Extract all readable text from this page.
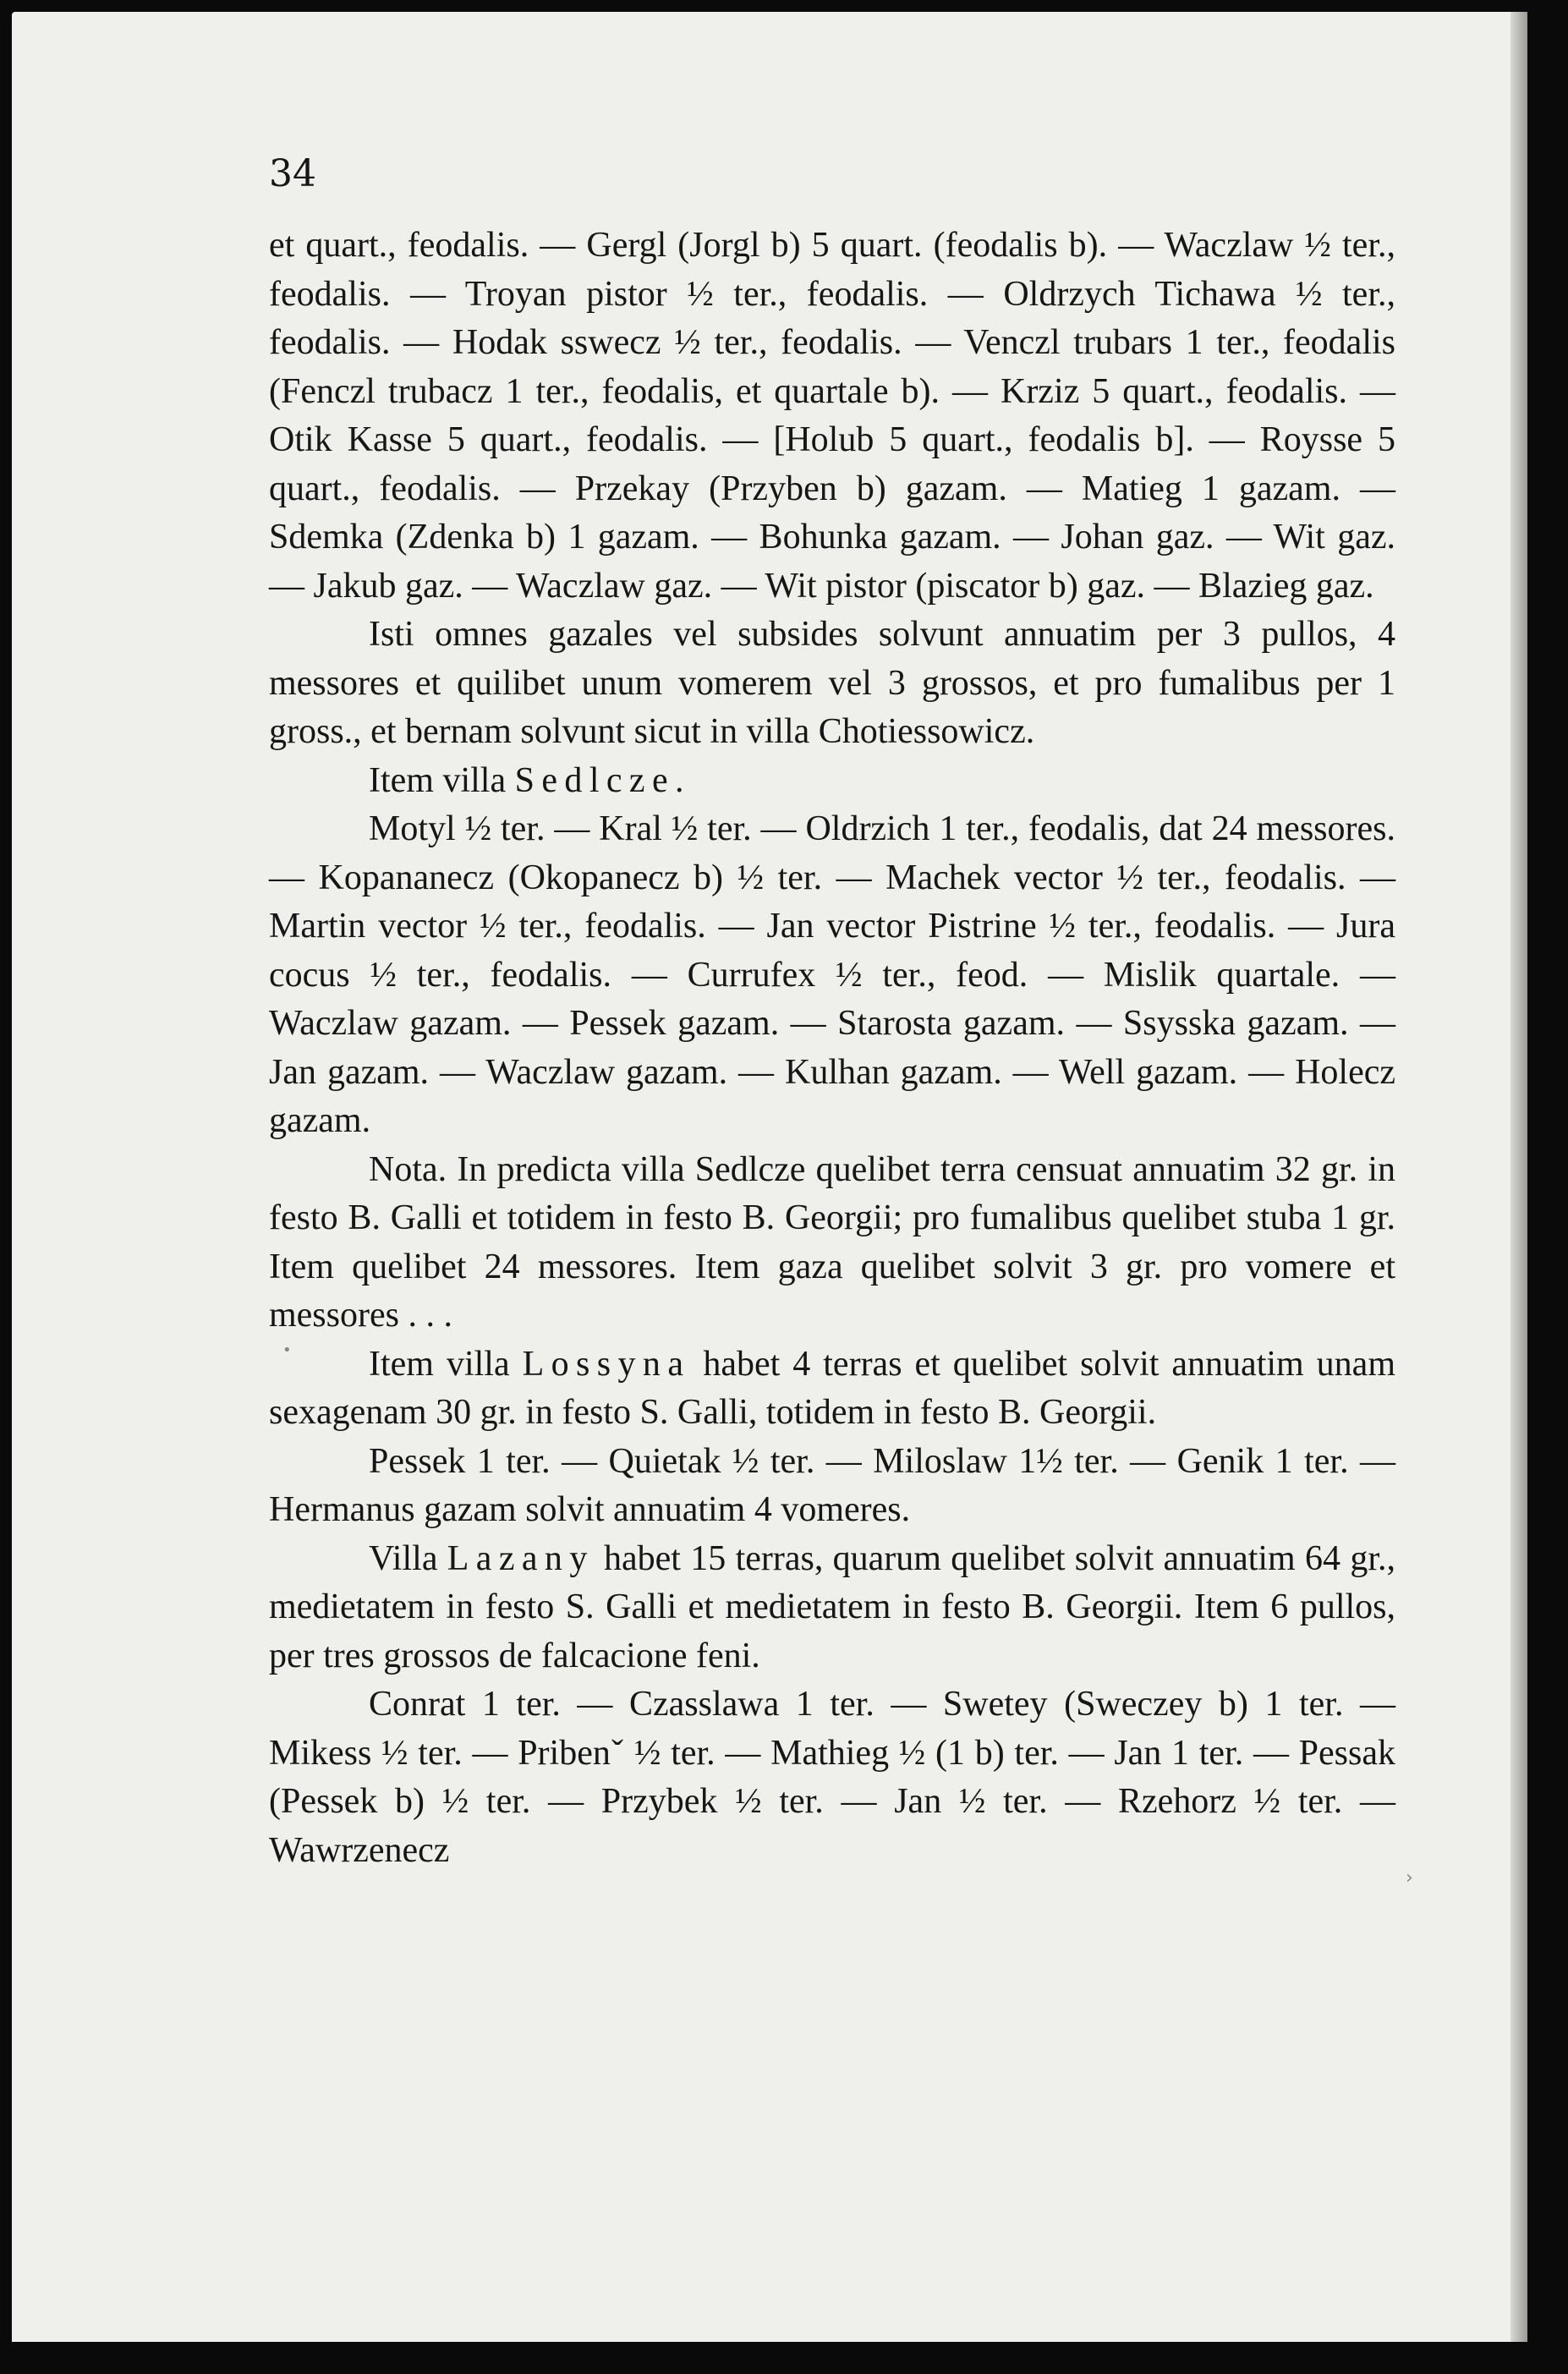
34

et quart., feodalis. — Gergl (Jorgl b) 5 quart. (feodalis b). — Waczlaw ½ ter., feodalis. — Troyan pistor ½ ter., feodalis. — Oldrzych Tichawa ½ ter., feodalis. — Hodak sswecz ½ ter., feodalis. — Venczl trubars 1 ter., feodalis (Fenczl trubacz 1 ter., feodalis, et quartale b). — Krziz 5 quart., feodalis. — Otik Kasse 5 quart., feodalis. — [Holub 5 quart., feodalis b]. — Roysse 5 quart., feodalis. — Przekay (Przyben b) gazam. — Matieg 1 gazam. — Sdemka (Zdenka b) 1 gazam. — Bohunka gazam. — Johan gaz. — Wit gaz. — Jakub gaz. — Waczlaw gaz. — Wit pistor (piscator b) gaz. — Blazieg gaz.

Isti omnes gazales vel subsides solvunt annuatim per 3 pullos, 4 messores et quilibet unum vomerem vel 3 grossos, et pro fumalibus per 1 gross., et bernam solvunt sicut in villa Chotiessowicz.

Item villa Sedlcze.

Motyl ½ ter. — Kral ½ ter. — Oldrzich 1 ter., feodalis, dat 24 messores. — Kopananecz (Okopanecz b) ½ ter. — Machek vector ½ ter., feodalis. — Martin vector ½ ter., feodalis. — Jan vector Pistrine ½ ter., feodalis. — Jura cocus ½ ter., feodalis. — Currufex ½ ter., feod. — Mislik quartale. — Waczlaw gazam. — Pessek gazam. — Starosta gazam. — Ssysska gazam. — Jan gazam. — Waczlaw gazam. — Kulhan gazam. — Well gazam. — Holecz gazam.

Nota. In predicta villa Sedlcze quelibet terra censuat annuatim 32 gr. in festo B. Galli et totidem in festo B. Georgii; pro fumalibus quelibet stuba 1 gr. Item quelibet 24 messores. Item gaza quelibet solvit 3 gr. pro vomere et messores . . .

Item villa Lossyna habet 4 terras et quelibet solvit annuatim unam sexagenam 30 gr. in festo S. Galli, totidem in festo B. Georgii.

Pessek 1 ter. — Quietak ½ ter. — Miloslaw 1½ ter. — Genik 1 ter. — Hermanus gazam solvit annuatim 4 vomeres.

Villa Lazany habet 15 terras, quarum quelibet solvit annuatim 64 gr., medietatem in festo S. Galli et medietatem in festo B. Georgii. Item 6 pullos, per tres grossos de falcacione feni.

Conrat 1 ter. — Czasslawa 1 ter. — Swetey (Sweczey b) 1 ter. — Mikess ½ ter. — Pribenˇ ½ ter. — Mathieg ½ (1 b) ter. — Jan 1 ter. — Pessak (Pessek b) ½ ter. — Przybek ½ ter. — Jan ½ ter. — Rzehorz ½ ter. — Wawrzenecz

•
›
